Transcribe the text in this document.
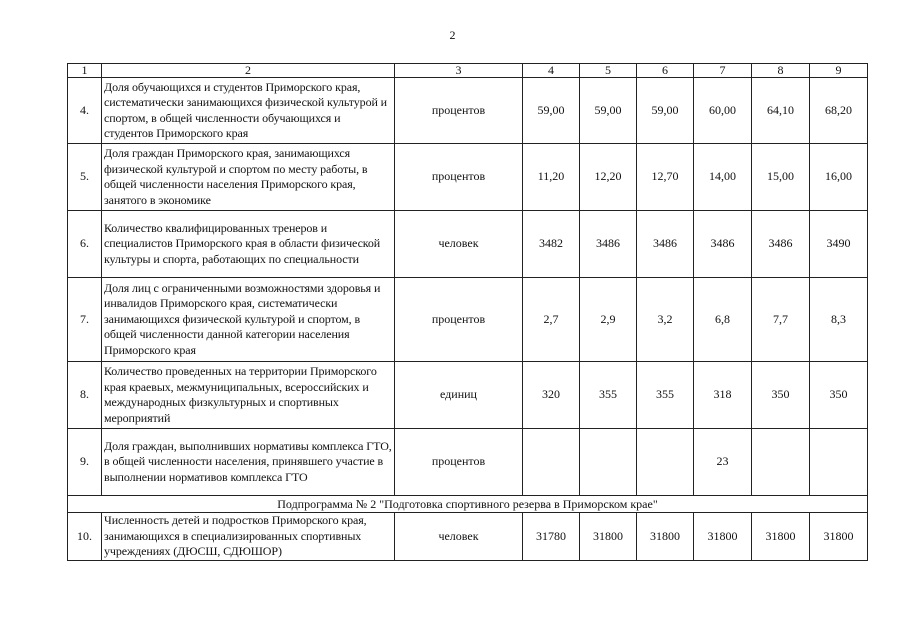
2
1	2	3	4	5	6	7	8	9
4.	Доля обучающихся и студентов Приморского края, систематически занимающихся физической культурой и спортом, в общей численности обучающихся и студентов Приморского края	процентов	59,00	59,00	59,00	60,00	64,10	68,20
5.	Доля граждан Приморского края, занимающихся физической культурой и спортом по месту работы, в общей численности населения Приморского края, занятого в экономике	процентов	11,20	12,20	12,70	14,00	15,00	16,00
6.	Количество квалифицированных тренеров и специалистов Приморского края в области физической культуры и спорта, работающих по специальности	человек	3482	3486	3486	3486	3486	3490
7.	Доля лиц с ограниченными возможностями здоровья и инвалидов Приморского края, систематически занимающихся физической культурой и спортом, в общей численности данной категории населения Приморского края	процентов	2,7	2,9	3,2	6,8	7,7	8,3
8.	Количество проведенных на территории Приморского края краевых, межмуниципальных, всероссийских и международных физкультурных и спортивных мероприятий	единиц	320	355	355	318	350	350
9.	Доля граждан, выполнивших нормативы комплекса ГТО, в общей численности населения, принявшего участие в выполнении нормативов комплекса ГТО	процентов				23		
Подпрограмма № 2 "Подготовка спортивного резерва в Приморском крае"								
10.	Численность детей и подростков Приморского края, занимающихся в специализированных спортивных учреждениях (ДЮСШ, СДЮШОР)	человек	31780	31800	31800	31800	31800	31800
